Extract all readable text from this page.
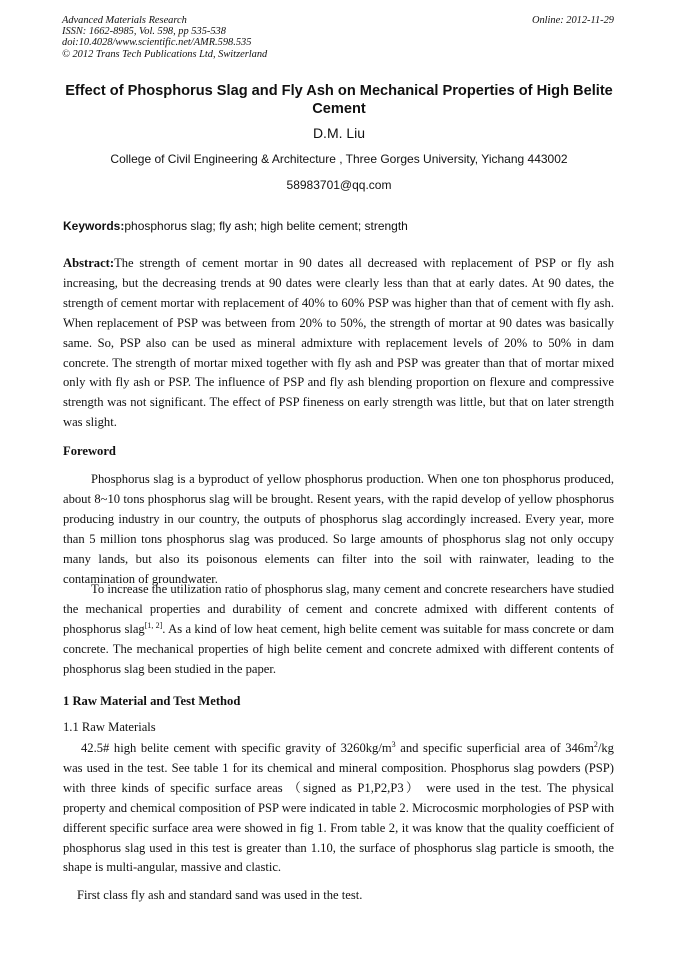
Advanced Materials Research
ISSN: 1662-8985, Vol. 598, pp 535-538
doi:10.4028/www.scientific.net/AMR.598.535
© 2012 Trans Tech Publications Ltd, Switzerland
Online: 2012-11-29
Effect of Phosphorus Slag and Fly Ash on Mechanical Properties of High Belite Cement
D.M. Liu
College of Civil Engineering & Architecture , Three Gorges University, Yichang 443002
58983701@qq.com
Keywords:phosphorus slag; fly ash; high belite cement; strength
Abstract:The strength of cement mortar in 90 dates all decreased with replacement of PSP or fly ash increasing, but the decreasing trends at 90 dates were clearly less than that at early dates. At 90 dates, the strength of cement mortar with replacement of 40% to 60% PSP was higher than that of cement with fly ash. When replacement of PSP was between from 20% to 50%, the strength of mortar at 90 dates was basically same. So, PSP also can be used as mineral admixture with replacement levels of 20% to 50% in dam concrete. The strength of mortar mixed together with fly ash and PSP was greater than that of mortar mixed only with fly ash or PSP. The influence of PSP and fly ash blending proportion on flexure and compressive strength was not significant. The effect of PSP fineness on early strength was little, but that on later strength was slight.
Foreword
Phosphorus slag is a byproduct of yellow phosphorus production. When one ton phosphorus produced, about 8~10 tons phosphorus slag will be brought. Resent years, with the rapid develop of yellow phosphorus producing industry in our country, the outputs of phosphorus slag accordingly increased. Every year, more than 5 million tons phosphorus slag was produced. So large amounts of phosphorus slag not only occupy many lands, but also its poisonous elements can filter into the soil with rainwater, leading to the contamination of groundwater.
To increase the utilization ratio of phosphorus slag, many cement and concrete researchers have studied the mechanical properties and durability of cement and concrete admixed with different contents of phosphorus slag[1, 2]. As a kind of low heat cement, high belite cement was suitable for mass concrete or dam concrete. The mechanical properties of high belite cement and concrete admixed with different contents of phosphorus slag been studied in the paper.
1 Raw Material and Test Method
1.1 Raw Materials
42.5# high belite cement with specific gravity of $3260kg/m^3$ and specific superficial area of $346m^2/kg$ was used in the test. See table 1 for its chemical and mineral composition. Phosphorus slag powders (PSP) with three kinds of specific surface areas （signed as P1,P2,P3） were used in the test. The physical property and chemical composition of PSP were indicated in table 2. Microcosmic morphologies of PSP with different specific surface area were showed in fig 1. From table 2, it was know that the quality coefficient of phosphorus slag used in this test is greater than 1.10, the surface of phosphorus slag particle is smooth, the shape is multi-angular, massive and clastic.
First class fly ash and standard sand was used in the test.
